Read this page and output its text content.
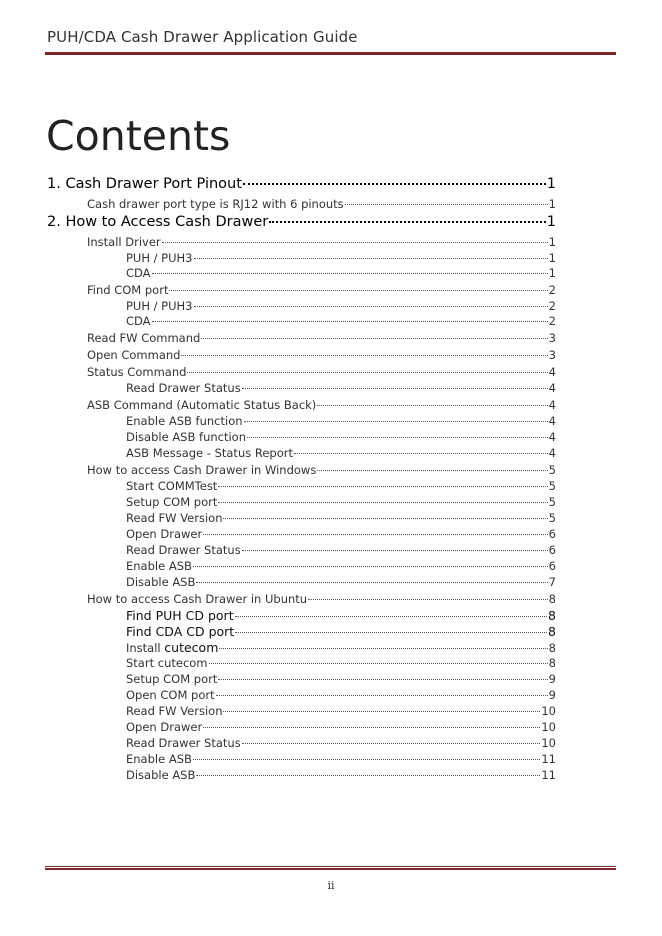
PUH/CDA Cash Drawer Application Guide
Contents
1. Cash Drawer Port Pinout	1
Cash drawer port type is RJ12 with 6 pinouts	1
2. How to Access Cash Drawer	1
Install Driver	1
PUH / PUH3	1
CDA	1
Find COM port	2
PUH / PUH3	2
CDA	2
Read FW Command	3
Open Command	3
Status Command	4
Read Drawer Status	4
ASB Command (Automatic Status Back)	4
Enable ASB function	4
Disable ASB function	4
ASB Message - Status Report	4
How to access Cash Drawer in Windows	5
Start COMMTest	5
Setup COM port	5
Read FW Version	5
Open Drawer	6
Read Drawer Status	6
Enable ASB	6
Disable ASB	7
How to access Cash Drawer in Ubuntu	8
Find PUH CD port	8
Find CDA CD port	8
Install cutecom	8
Start cutecom	8
Setup COM port	9
Open COM port	9
Read FW Version	10
Open Drawer	10
Read Drawer Status	10
Enable ASB	11
Disable ASB	11
ii
